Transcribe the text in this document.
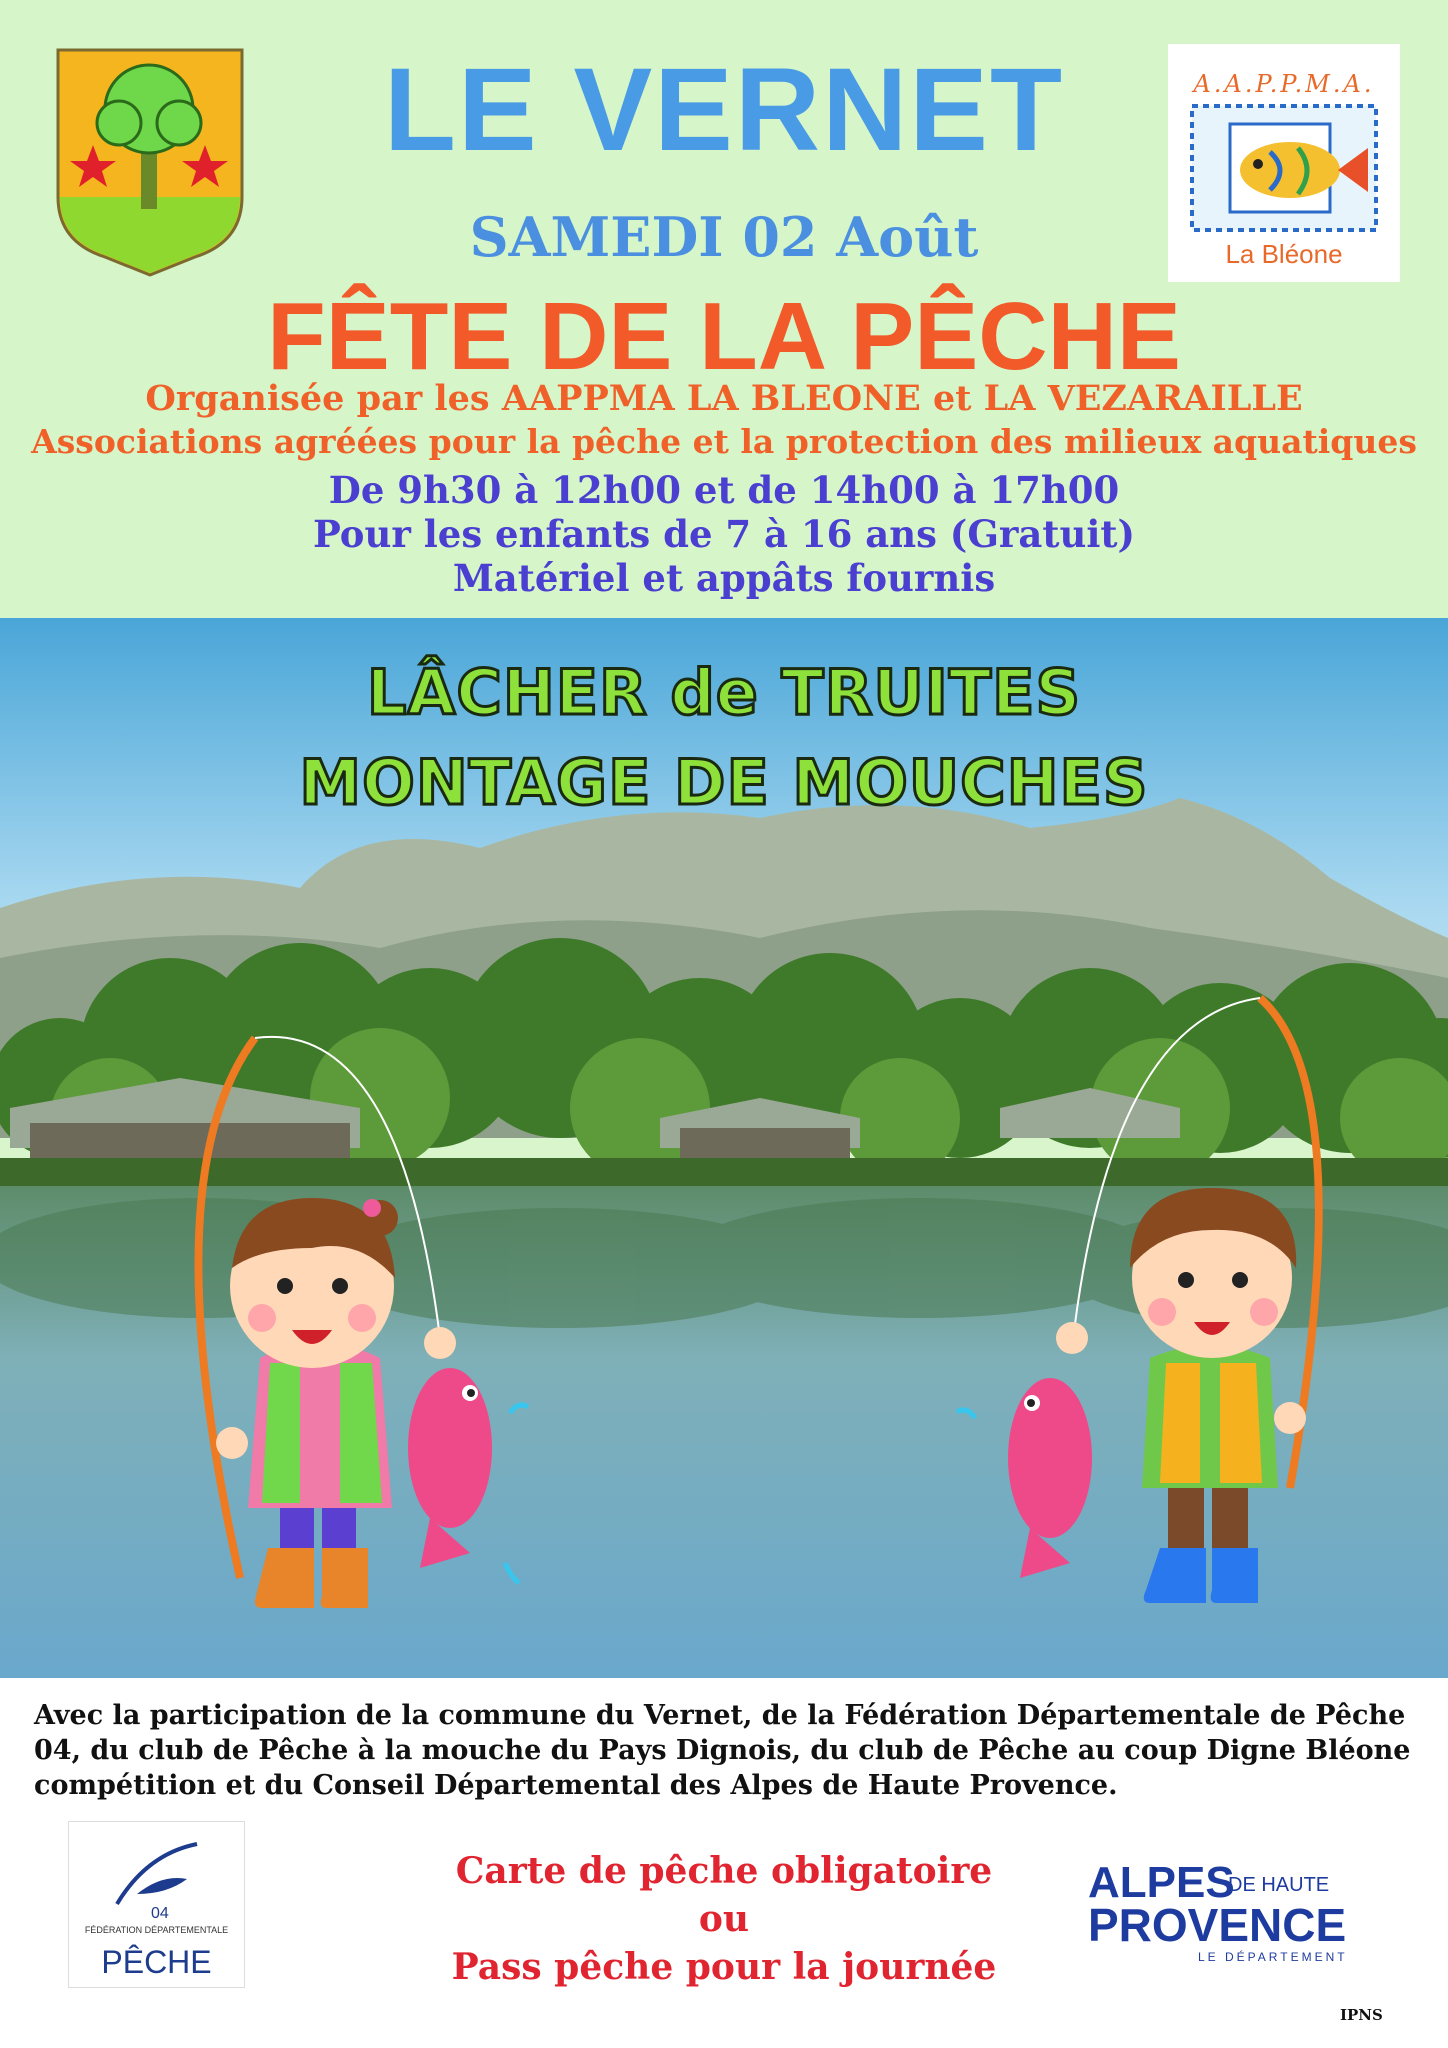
A.A.P.P.M.A.
La Bléone
LE VERNET
SAMEDI 02 Août
FÊTE DE LA PÊCHE
Organisée par les AAPPMA LA BLEONE et LA VEZARAILLE
Associations agréées pour la pêche et la protection des milieux aquatiques
De 9h30 à 12h00 et de 14h00 à 17h00
Pour les enfants de 7 à 16 ans (Gratuit)
Matériel et appâts fournis
LÂCHER de TRUITES
MONTAGE DE MOUCHES

Avec la participation de la commune du Vernet, de la Fédération Départementale de Pêche 04, du club de Pêche à la mouche du Pays Dignois, du club de Pêche au coup Digne Bléone compétition et du Conseil Départemental des Alpes de Haute Provence.

04
FÉDÉRATION DÉPARTEMENTALE
PÊCHE
Carte de pêche obligatoire
ou
Pass pêche pour la journée
ALPES
DE HAUTE
PROVENCE
LE DÉPARTEMENT
IPNS
